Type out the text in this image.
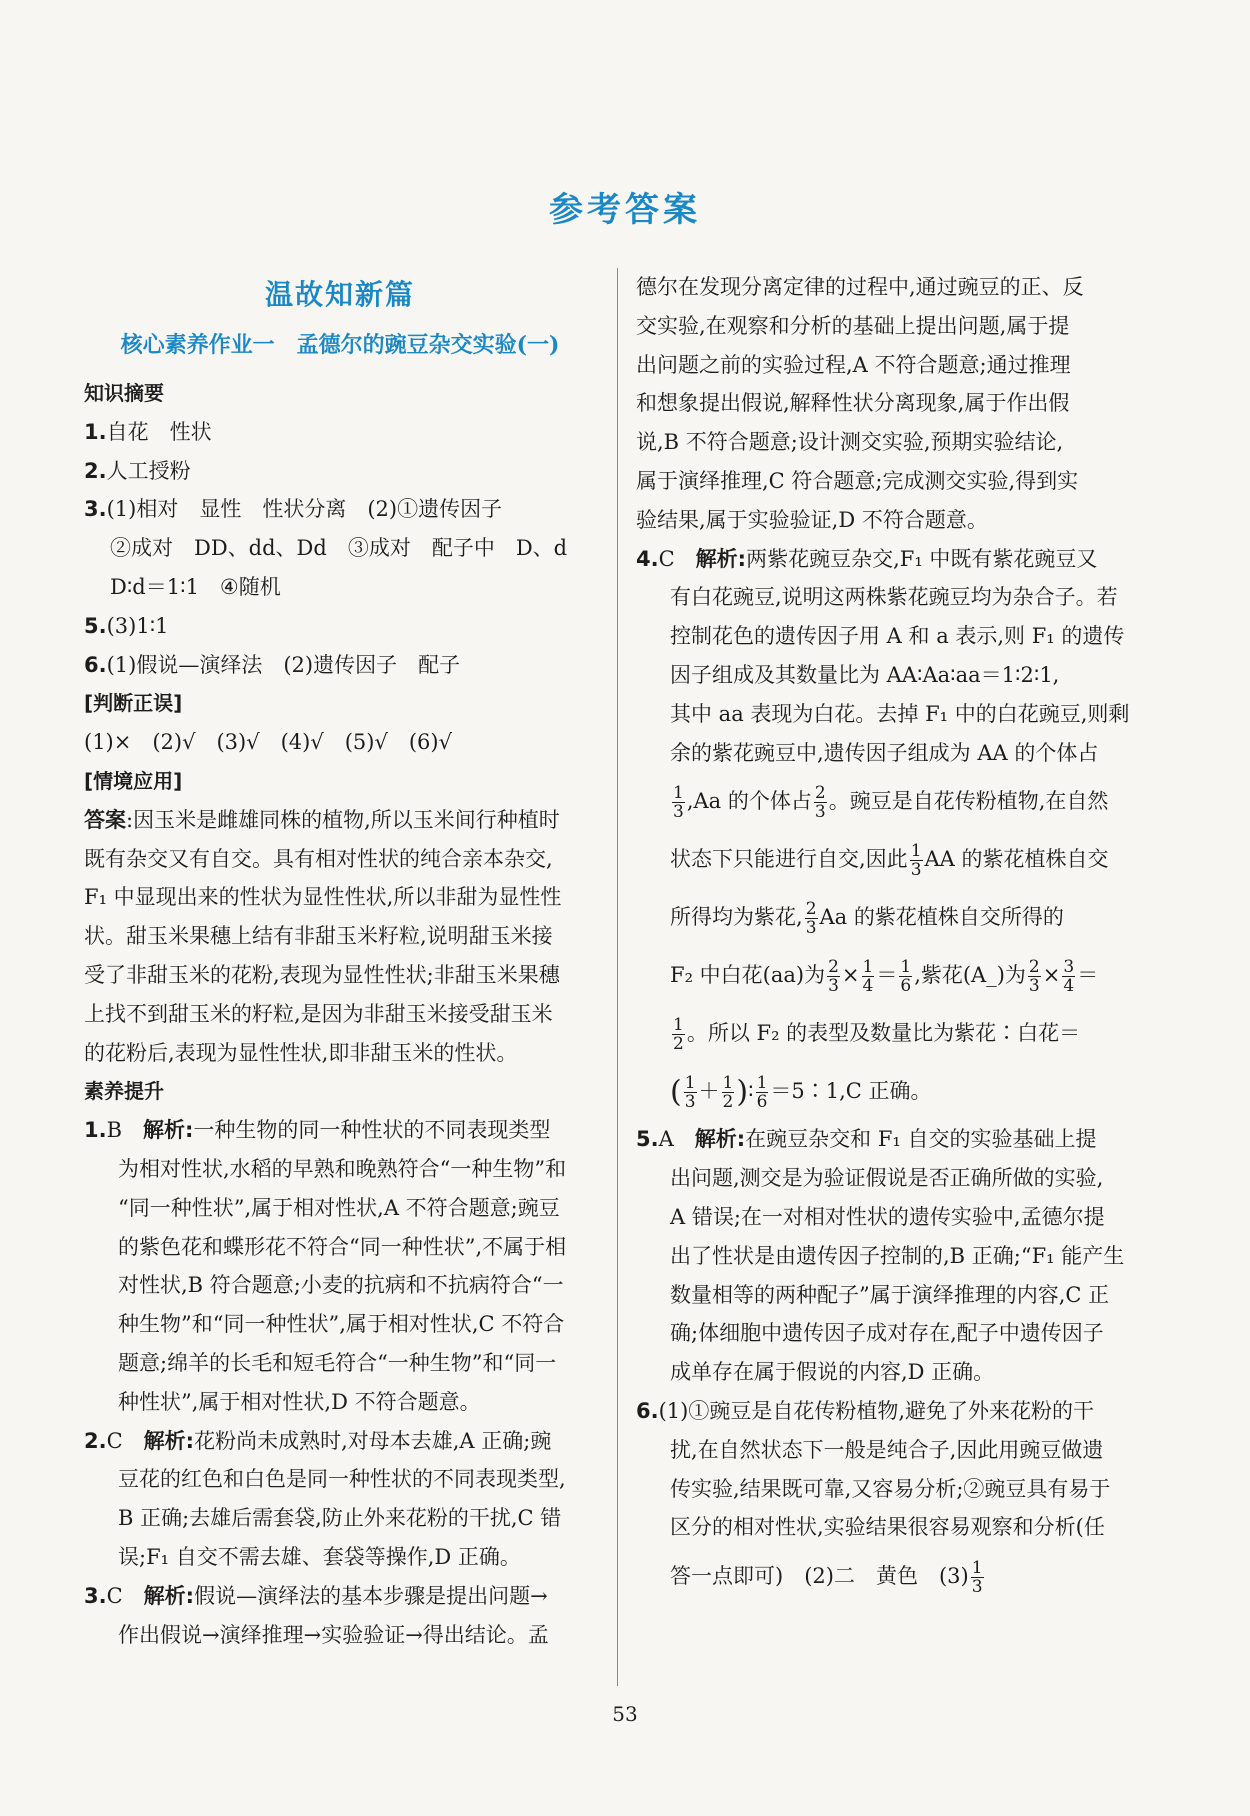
参考答案
温故知新篇
核心素养作业一　孟德尔的豌豆杂交实验(一)
知识摘要
1.自花　性状
2.人工授粉
3.(1)相对　显性　性状分离　(2)①遗传因子
②成对　DD、dd、Dd　③成对　配子中　D、d
D∶d＝1∶1　④随机
5.(3)1∶1
6.(1)假说—演绎法　(2)遗传因子　配子
[判断正误]
(1)×　(2)√　(3)√　(4)√　(5)√　(6)√
[情境应用]
答案:因玉米是雌雄同株的植物,所以玉米间行种植时
既有杂交又有自交。具有相对性状的纯合亲本杂交,
F₁ 中显现出来的性状为显性性状,所以非甜为显性性
状。甜玉米果穗上结有非甜玉米籽粒,说明甜玉米接
受了非甜玉米的花粉,表现为显性性状;非甜玉米果穗
上找不到甜玉米的籽粒,是因为非甜玉米接受甜玉米
的花粉后,表现为显性性状,即非甜玉米的性状。
素养提升
1.B　解析:一种生物的同一种性状的不同表现类型
为相对性状,水稻的早熟和晚熟符合“一种生物”和
“同一种性状”,属于相对性状,A 不符合题意;豌豆
的紫色花和蝶形花不符合“同一种性状”,不属于相
对性状,B 符合题意;小麦的抗病和不抗病符合“一
种生物”和“同一种性状”,属于相对性状,C 不符合
题意;绵羊的长毛和短毛符合“一种生物”和“同一
种性状”,属于相对性状,D 不符合题意。
2.C　解析:花粉尚未成熟时,对母本去雄,A 正确;豌
豆花的红色和白色是同一种性状的不同表现类型,
B 正确;去雄后需套袋,防止外来花粉的干扰,C 错
误;F₁ 自交不需去雄、套袋等操作,D 正确。
3.C　解析:假说—演绎法的基本步骤是提出问题→
作出假说→演绎推理→实验验证→得出结论。孟
德尔在发现分离定律的过程中,通过豌豆的正、反
交实验,在观察和分析的基础上提出问题,属于提
出问题之前的实验过程,A 不符合题意;通过推理
和想象提出假说,解释性状分离现象,属于作出假
说,B 不符合题意;设计测交实验,预期实验结论,
属于演绎推理,C 符合题意;完成测交实验,得到实
验结果,属于实验验证,D 不符合题意。
4.C　解析:两紫花豌豆杂交,F₁ 中既有紫花豌豆又
有白花豌豆,说明这两株紫花豌豆均为杂合子。若
控制花色的遗传因子用 A 和 a 表示,则 F₁ 的遗传
因子组成及其数量比为 AA∶Aa∶aa＝1∶2∶1,
其中 aa 表现为白花。去掉 F₁ 中的白花豌豆,则剩
余的紫花豌豆中,遗传因子组成为 AA 的个体占
$\frac{1}{3} ,Aa$ 的个体占 $\frac{2}{3}$ 。豌豆是自花传粉植物,在自然
状态下只能进行自交,因此 $\frac{1}{3}$ AA 的紫花植株自交
所得均为紫花, $\frac{2}{3}$ Aa 的紫花植株自交所得的
F₂ 中白花(aa)为 $\frac{2}{3} \times \frac{1}{4} = \frac{1}{6}$ ,紫花(A_)为 $\frac{2}{3} \times \frac{3}{4}$ ＝
$\frac{1}{2}$ 。所以 F₂ 的表型及数量比为紫花∶白花＝
( $\frac{1}{3} + \frac{1}{2}$ )∶ $\frac{1}{6}$ ＝5∶1,C 正确。
5.A　解析:在豌豆杂交和 F₁ 自交的实验基础上提
出问题,测交是为验证假说是否正确所做的实验,
A 错误;在一对相对性状的遗传实验中,孟德尔提
出了性状是由遗传因子控制的,B 正确;“F₁ 能产生
数量相等的两种配子”属于演绎推理的内容,C 正
确;体细胞中遗传因子成对存在,配子中遗传因子
成单存在属于假说的内容,D 正确。
6.(1)①豌豆是自花传粉植物,避免了外来花粉的干
扰,在自然状态下一般是纯合子,因此用豌豆做遗
传实验,结果既可靠,又容易分析;②豌豆具有易于
区分的相对性状,实验结果很容易观察和分析(任
答一点即可)　(2)二　黄色　$(3) \frac{1}{3}$
53
